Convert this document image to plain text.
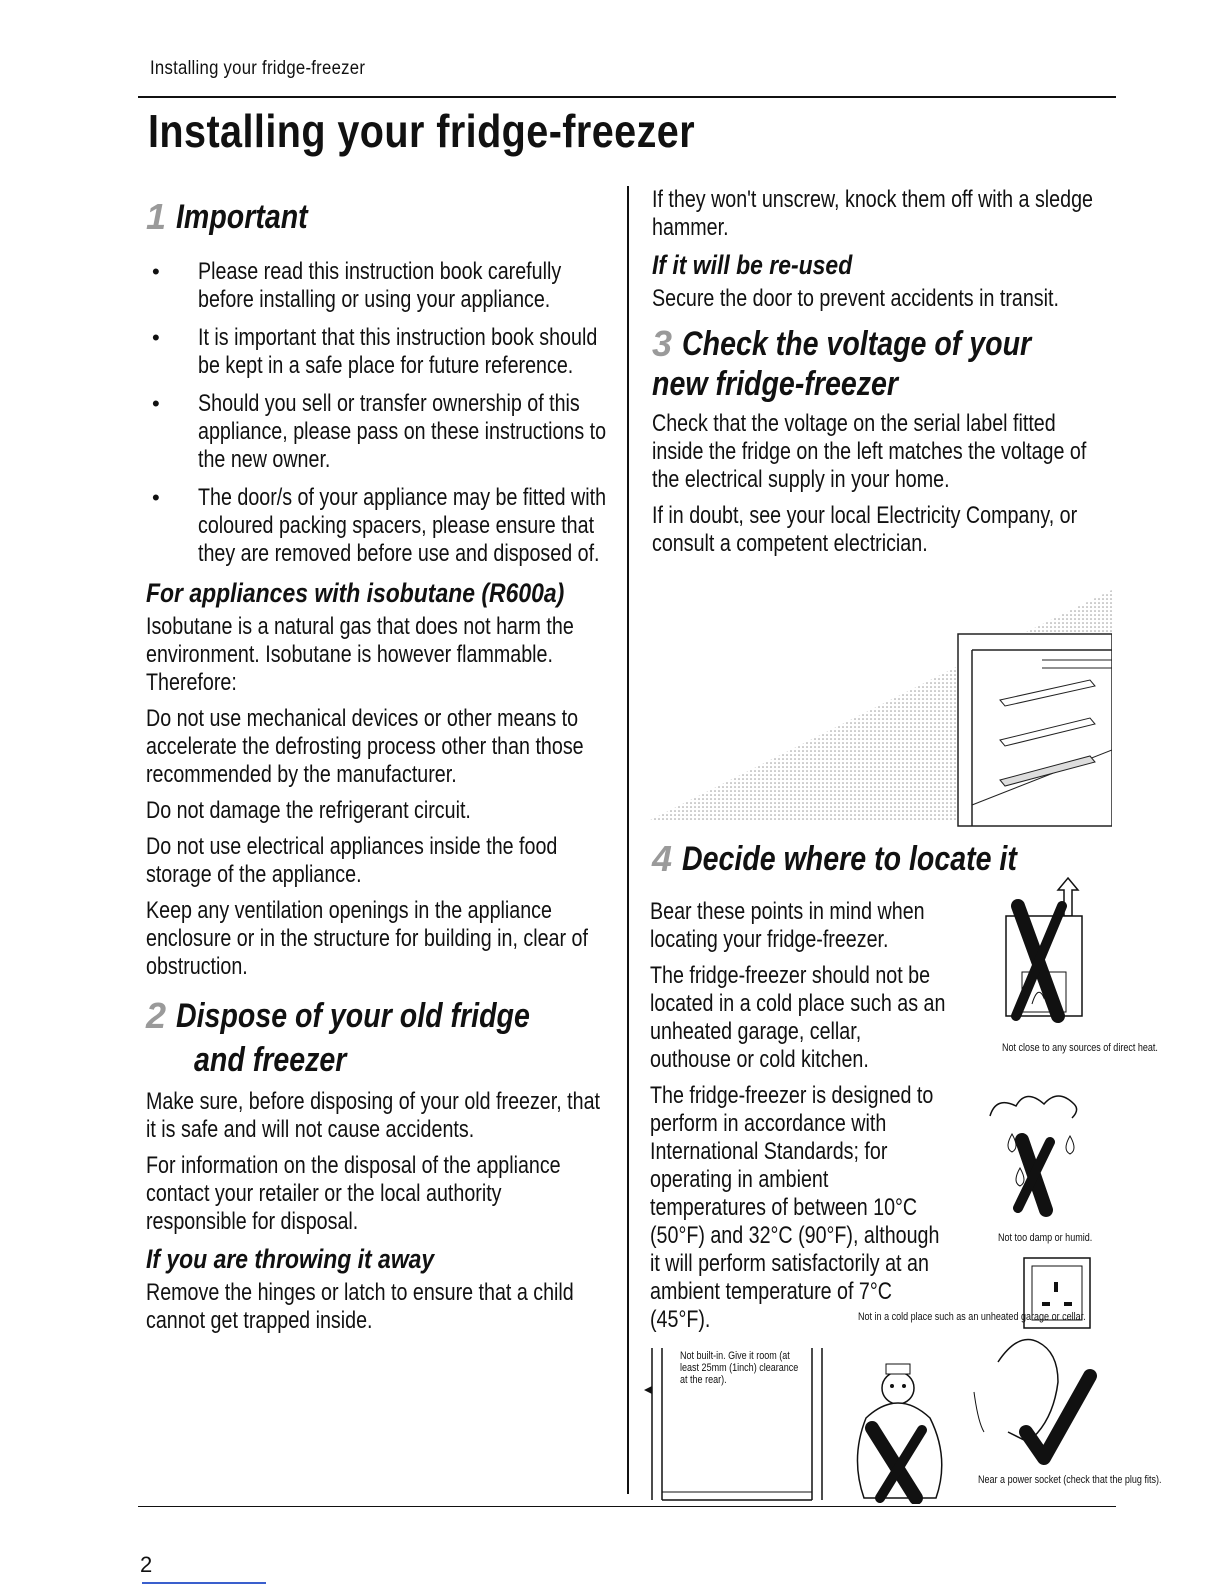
Installing your fridge-freezer
Installing your fridge-freezer
1 Important
• Please read this instruction book carefully before installing or using your appliance.
• It is important that this instruction book should be kept in a safe place for future reference.
• Should you sell or transfer ownership of this appliance, please pass on these instructions to the new owner.
• The door/s of your appliance may be fitted with coloured packing spacers, please ensure that they are removed before use and disposed of.
For appliances with isobutane (R600a)

Isobutane is a natural gas that does not harm the environment. Isobutane is however flammable. Therefore:

Do not use mechanical devices or other means to accelerate the defrosting process other than those recommended by the manufacturer.

Do not damage the refrigerant circuit.

Do not use electrical appliances inside the food storage of the appliance.

Keep any ventilation openings in the appliance enclosure or in the structure for building in, clear of obstruction.

2 Dispose of your old fridge
and freezer

Make sure, before disposing of your old freezer, that it is safe and will not cause accidents.

For information on the disposal of the appliance contact your retailer or the local authority responsible for disposal.

If you are throwing it away

Remove the hinges or latch to ensure that a child cannot get trapped inside.

If they won't unscrew, knock them off with a sledge hammer.

If it will be re-used

Secure the door to prevent accidents in transit.

3 Check the voltage of your
new fridge-freezer

Check that the voltage on the serial label fitted inside the fridge on the left matches the voltage of the electrical supply in your home.

If in doubt, see your local Electricity Company, or consult a competent electrician.

4 Decide where to locate it

Bear these points in mind when locating your fridge-freezer.

The fridge-freezer should not be located in a cold place such as an unheated garage, cellar, outhouse or cold kitchen.

The fridge-freezer is designed to perform in accordance with International Standards; for operating in ambient temperatures of between 10°C (50°F) and 32°C (90°F), although it will perform satisfactorily at an ambient temperature of 7°C (45°F).

Not close to any sources of direct heat.
Not too damp or humid.
Near a power socket (check that the plug fits).
Not in a cold place such as an unheated garage or cellar.
Not built-in. Give it room (at least 25mm (1inch) clearance at the rear).
2
